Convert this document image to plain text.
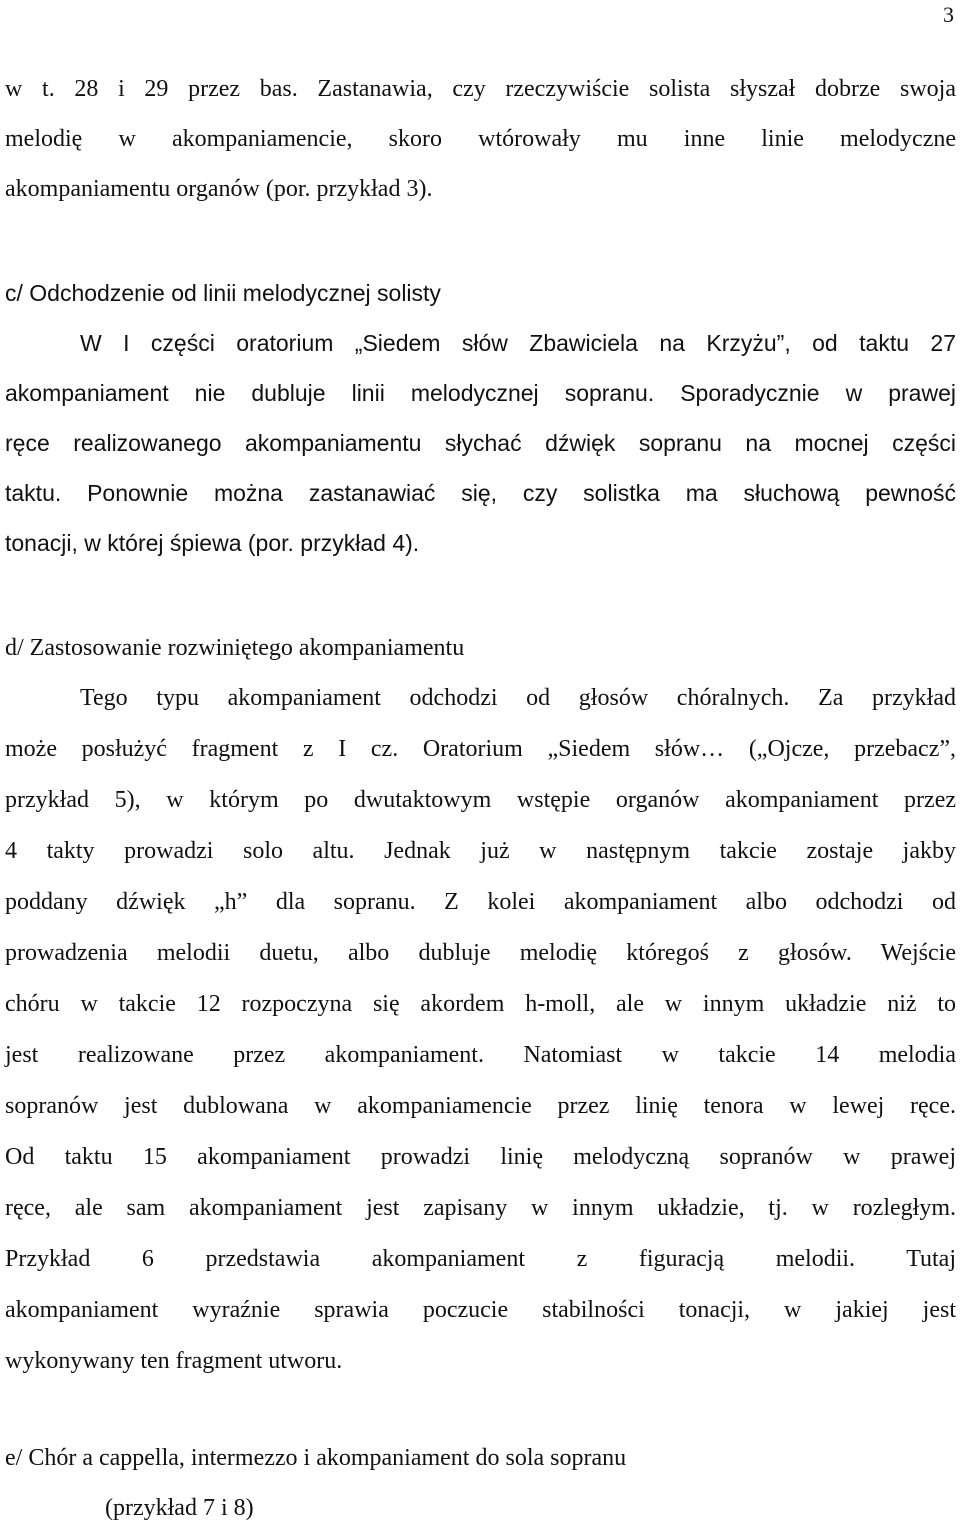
3
w t. 28 i 29 przez bas. Zastanawia, czy rzeczywiście solista słyszał dobrze swoja
melodię w akompaniamencie, skoro wtórowały mu inne linie melodyczne
akompaniamentu organów (por. przykład 3).
c/ Odchodzenie od linii melodycznej solisty
W I części oratorium „Siedem słów Zbawiciela na Krzyżu”, od taktu 27
akompaniament nie dubluje linii melodycznej sopranu. Sporadycznie w prawej
ręce realizowanego akompaniamentu słychać dźwięk sopranu na mocnej części
taktu. Ponownie można zastanawiać się, czy solistka ma słuchową pewność
tonacji, w której śpiewa (por. przykład 4).
d/ Zastosowanie rozwiniętego akompaniamentu
Tego typu akompaniament odchodzi od głosów chóralnych. Za przykład
może posłużyć fragment z I cz. Oratorium „Siedem słów… („Ojcze, przebacz”,
przykład 5), w którym po dwutaktowym wstępie organów akompaniament przez
4 takty prowadzi solo altu. Jednak już w następnym takcie zostaje jakby
poddany dźwięk „h” dla sopranu. Z kolei akompaniament albo odchodzi od
prowadzenia melodii duetu, albo dubluje melodię któregoś z głosów. Wejście
chóru w takcie 12 rozpoczyna się akordem h-moll, ale w innym układzie niż to
jest realizowane przez akompaniament. Natomiast w takcie 14 melodia
sopranów jest dublowana w akompaniamencie przez linię tenora w lewej ręce.
Od taktu 15 akompaniament prowadzi linię melodyczną sopranów w prawej
ręce, ale sam akompaniament jest zapisany w innym układzie, tj. w rozległym.
Przykład 6 przedstawia akompaniament z figuracją melodii. Tutaj
akompaniament wyraźnie sprawia poczucie stabilności tonacji, w jakiej jest
wykonywany ten fragment utworu.
e/ Chór a cappella, intermezzo i akompaniament do sola sopranu
(przykład 7 i 8)
